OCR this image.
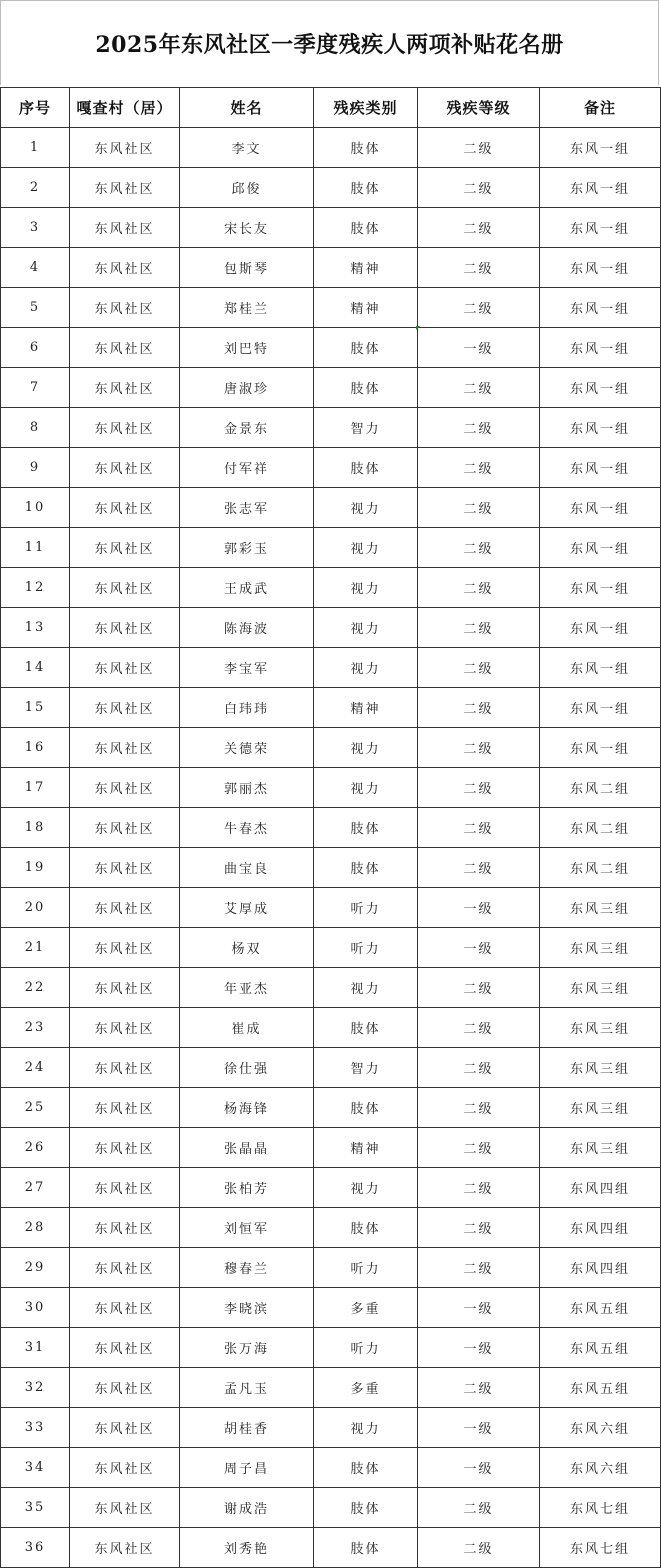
2025年东风社区一季度残疾人两项补贴花名册
序号	嘎查村（居）	姓名	残疾类别	残疾等级	备注
1	东风社区	李文	肢体	二级	东风一组
2	东风社区	邱俊	肢体	二级	东风一组
3	东风社区	宋长友	肢体	二级	东风一组
4	东风社区	包斯琴	精神	二级	东风一组
5	东风社区	郑桂兰	精神	二级	东风一组
6	东风社区	刘巴特	肢体	一级	东风一组
7	东风社区	唐淑珍	肢体	二级	东风一组
8	东风社区	金景东	智力	二级	东风一组
9	东风社区	付军祥	肢体	二级	东风一组
10	东风社区	张志军	视力	二级	东风一组
11	东风社区	郭彩玉	视力	二级	东风一组
12	东风社区	王成武	视力	二级	东风一组
13	东风社区	陈海波	视力	二级	东风一组
14	东风社区	李宝军	视力	二级	东风一组
15	东风社区	白玮玮	精神	二级	东风一组
16	东风社区	关德荣	视力	二级	东风一组
17	东风社区	郭丽杰	视力	二级	东风二组
18	东风社区	牛春杰	肢体	二级	东风二组
19	东风社区	曲宝良	肢体	二级	东风二组
20	东风社区	艾厚成	听力	一级	东风三组
21	东风社区	杨双	听力	一级	东风三组
22	东风社区	年亚杰	视力	二级	东风三组
23	东风社区	崔成	肢体	二级	东风三组
24	东风社区	徐仕强	智力	二级	东风三组
25	东风社区	杨海锋	肢体	二级	东风三组
26	东风社区	张晶晶	精神	二级	东风三组
27	东风社区	张柏芳	视力	二级	东风四组
28	东风社区	刘恒军	肢体	二级	东风四组
29	东风社区	穆春兰	听力	二级	东风四组
30	东风社区	李晓滨	多重	一级	东风五组
31	东风社区	张万海	听力	一级	东风五组
32	东风社区	孟凡玉	多重	二级	东风五组
33	东风社区	胡桂香	视力	一级	东风六组
34	东风社区	周子昌	肢体	一级	东风六组
35	东风社区	谢成浩	肢体	二级	东风七组
36	东风社区	刘秀艳	肢体	二级	东风七组
